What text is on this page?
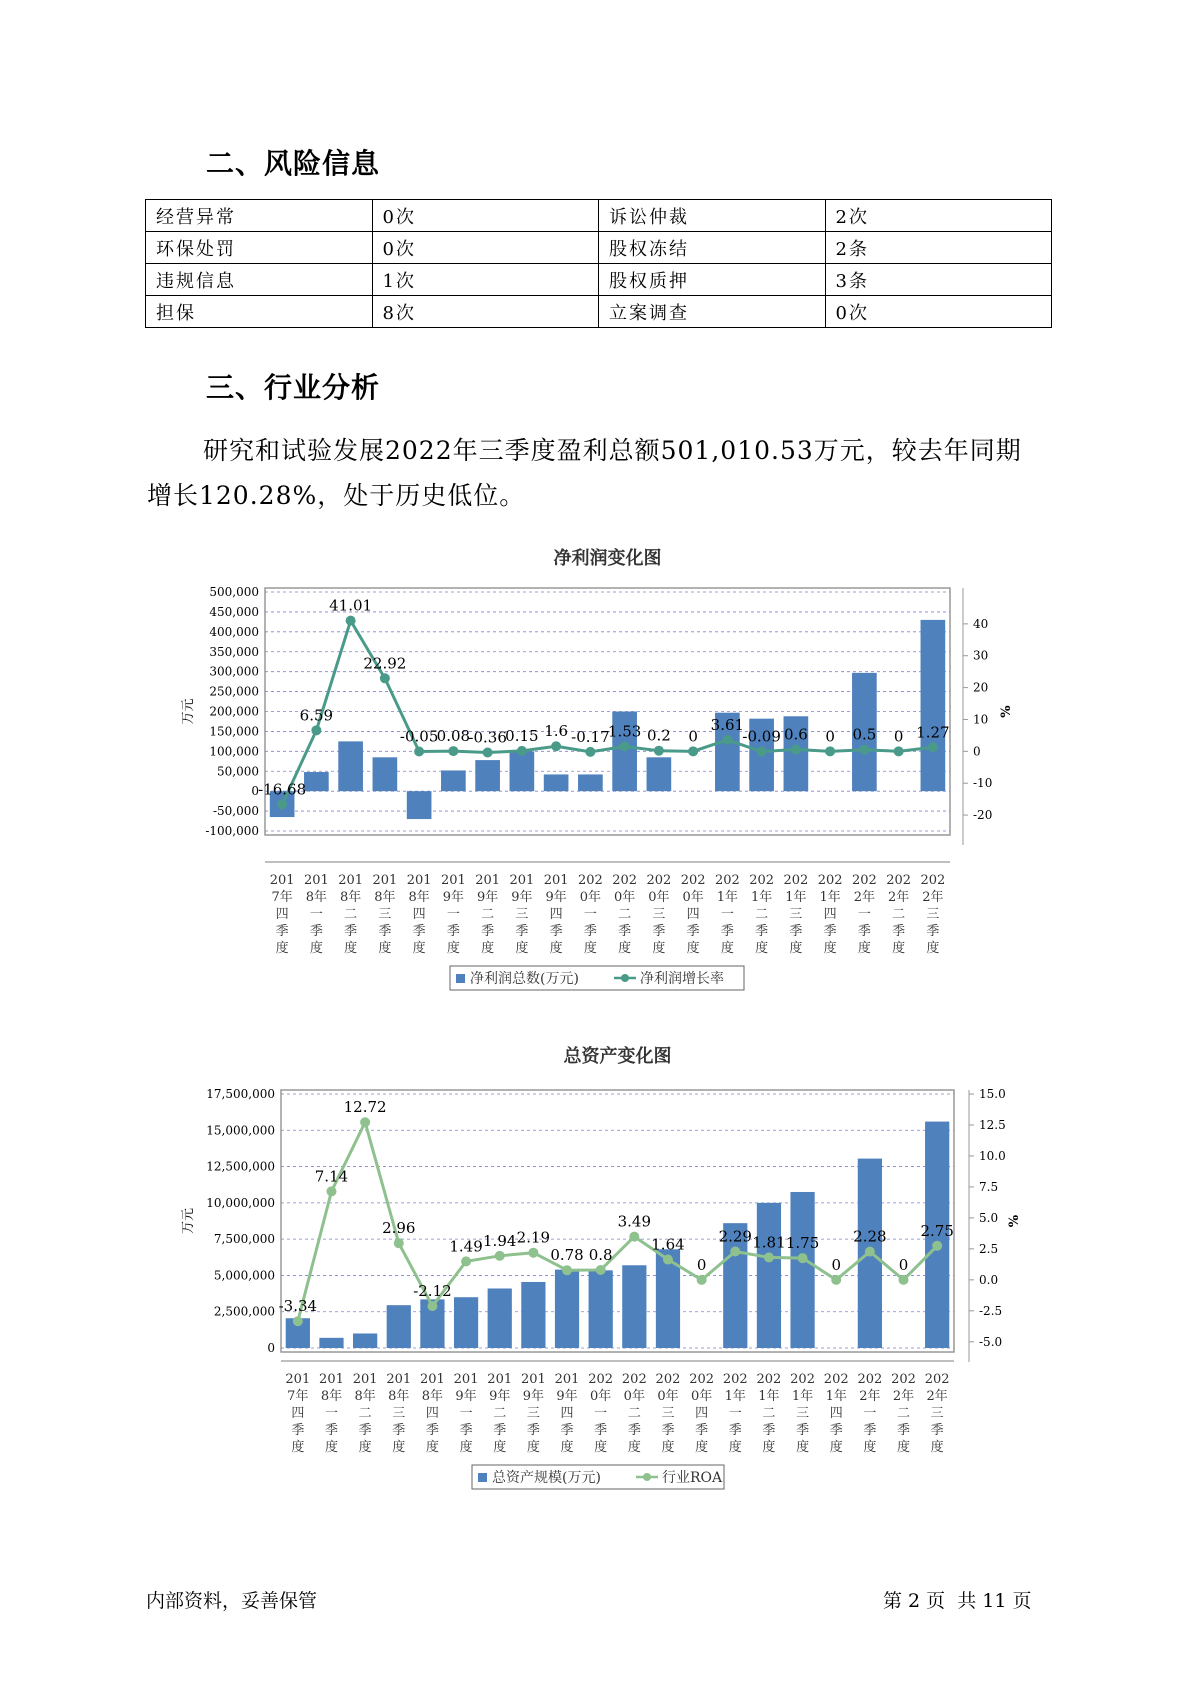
二、风险信息
经营异常	0次	诉讼仲裁	2次
环保处罚	0次	股权冻结	2条
违规信息	1次	股权质押	3条
担保	8次	立案调查	0次
三、行业分析
研究和试验发展2022年三季度盈利总额501,010.53万元，较去年同期
增长120.28%，处于历史低位。
净利润变化图
500,000
450,000
400,000
350,000
300,000
250,000
200,000
150,000
100,000
50,000
0
-50,000
-100,000
40
30
20
10
0
-10
-20
万元	%
-16.68
6.59
41.01
22.92
-0.05
0.08
-0.36
0.15 1.6 -0.17
1.53 0.2 0
3.61
-0.09 0.6 0 0.5 0 1.27
201
7年
四
季
度
201
8年
一
季
度
201
8年
二
季
度
201
8年
三
季
度
201
8年
四
季
度
201
9年
一
季
度
201
9年
二
季
度
201
9年
三
季
度
201
9年
四
季
度
202
0年
一
季
度
202
0年
二
季
度
202
0年
三
季
度
202
0年
四
季
度
202
1年
一
季
度
202
1年
二
季
度
202
1年
三
季
度
202
1年
四
季
度
202
2年
一
季
度
202
2年
二
季
度
202
2年
三
季
度
净利润总数(万元)	净利润增长率
总资产变化图
17,500,000
15,000,000
12,500,000
10,000,000
7,500,000
5,000,000
2,500,000
0
15.0
12.5
10.0
7.5
5.0
2.5
0.0
-2.5
-5.0
万元	%
-3.34
7.14
12.72
2.96
-2.12
1.49 1.94 2.19
0.78 0.8
3.49
1.64
0
2.29 1.81 1.75
0
2.28
0
2.75
201
7年
四
季
度
201
8年
一
季
度
201
8年
二
季
度
201
8年
三
季
度
201
8年
四
季
度
201
9年
一
季
度
201
9年
二
季
度
201
9年
三
季
度
201
9年
四
季
度
202
0年
一
季
度
202
0年
二
季
度
202
0年
三
季
度
202
0年
四
季
度
202
1年
一
季
度
202
1年
二
季
度
202
1年
三
季
度
202
1年
四
季
度
202
2年
一
季
度
202
2年
二
季
度
202
2年
三
季
度
总资产规模(万元)	行业ROA
内部资料，妥善保管	第 2 页  共 11 页
